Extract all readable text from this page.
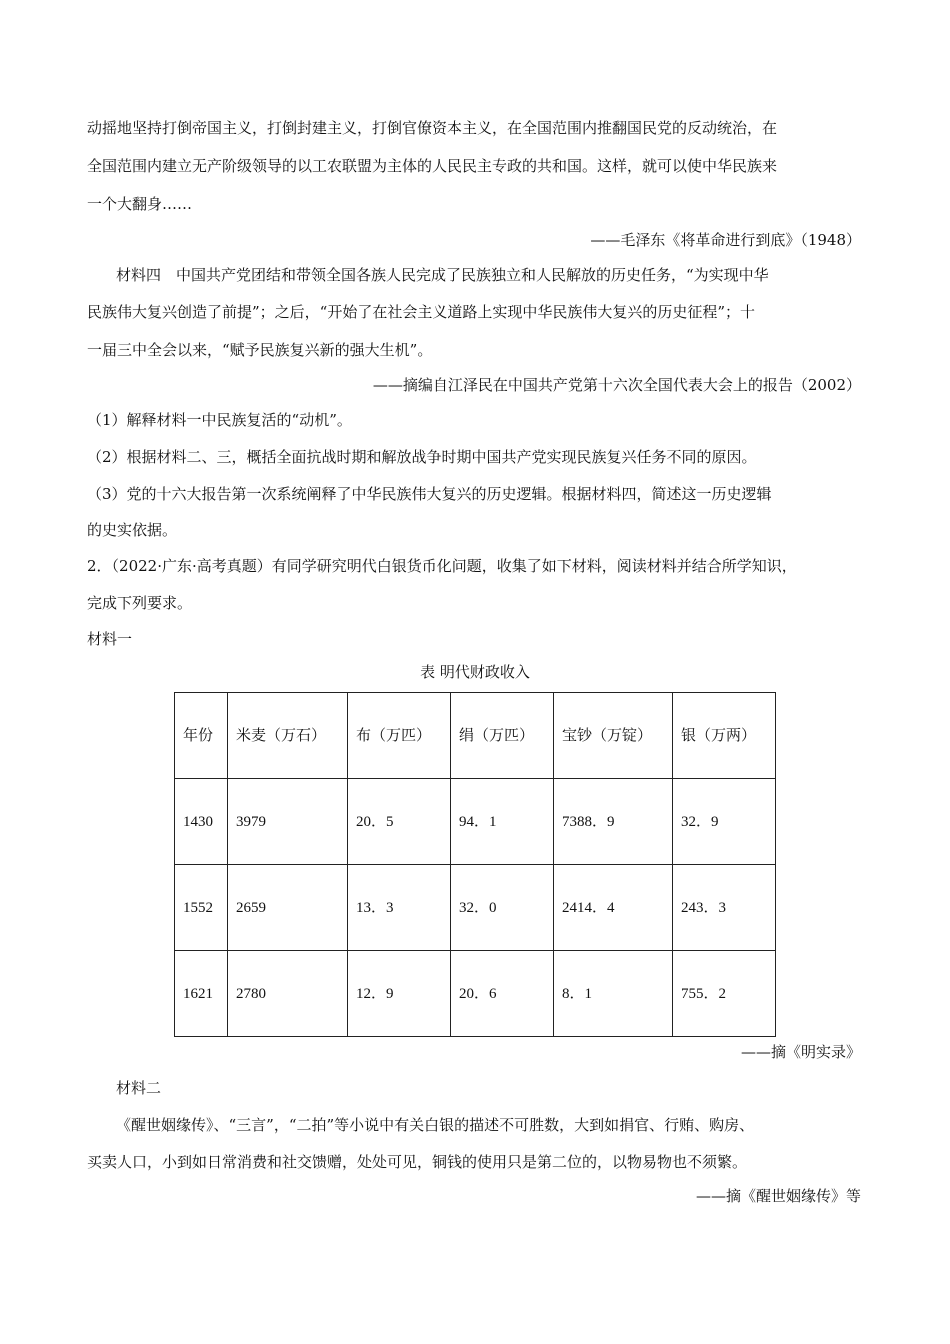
动摇地坚持打倒帝国主义，打倒封建主义，打倒官僚资本主义，在全国范围内推翻国民党的反动统治，在
全国范围内建立无产阶级领导的以工农联盟为主体的人民民主专政的共和国。这样，就可以使中华民族来
一个大翻身……
——毛泽东《将革命进行到底》（1948）
材料四　中国共产党团结和带领全国各族人民完成了民族独立和人民解放的历史任务，“为实现中华
民族伟大复兴创造了前提”；之后，“开始了在社会主义道路上实现中华民族伟大复兴的历史征程”；十
一届三中全会以来，“赋予民族复兴新的强大生机”。
——摘编自江泽民在中国共产党第十六次全国代表大会上的报告（2002）
（1）解释材料一中民族复活的“动机”。
（2）根据材料二、三，概括全面抗战时期和解放战争时期中国共产党实现民族复兴任务不同的原因。
（3）党的十六大报告第一次系统阐释了中华民族伟大复兴的历史逻辑。根据材料四，简述这一历史逻辑
的史实依据。
2．（2022·广东·高考真题）有同学研究明代白银货币化问题，收集了如下材料，阅读材料并结合所学知识，
完成下列要求。
材料一
表 明代财政收入
年份	米麦（万石）	布（万匹）	绢（万匹）	宝钞（万锭）	银（万两）
1430	3979	20．5	94．1	7388．9	32．9
1552	2659	13．3	32．0	2414．4	243．3
1621	2780	12．9	20．6	8．1	755．2
——摘《明实录》
材料二
《醒世姻缘传》、“三言”，“二拍”等小说中有关白银的描述不可胜数，大到如捐官、行贿、购房、
买卖人口，小到如日常消费和社交馈赠，处处可见，铜钱的使用只是第二位的，以物易物也不须繁。
——摘《醒世姻缘传》等
